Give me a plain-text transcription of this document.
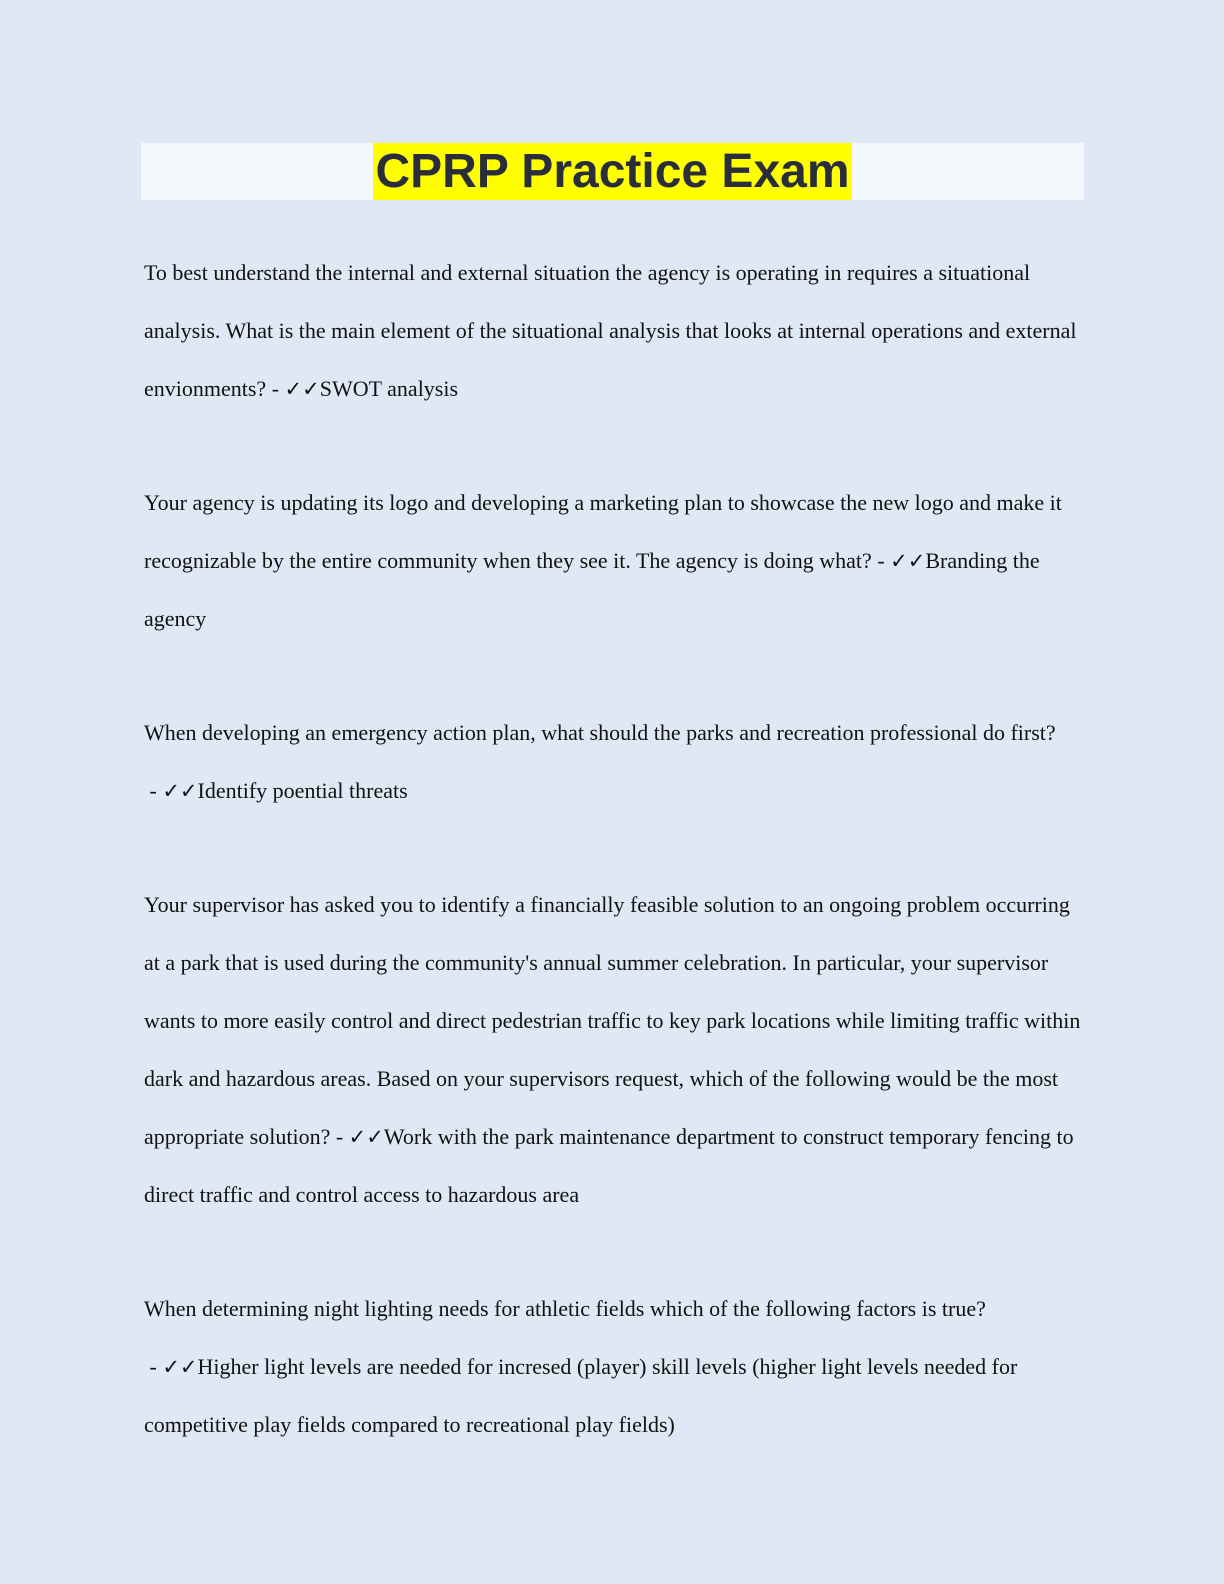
CPRP Practice Exam

To best understand the internal and external situation the agency is operating in requires a situational analysis. What is the main element of the situational analysis that looks at internal operations and external envionments? - ✓✓SWOT analysis

Your agency is updating its logo and developing a marketing plan to showcase the new logo and make it recognizable by the entire community when they see it. The agency is doing what? - ✓✓Branding the agency

When developing an emergency action plan, what should the parks and recreation professional do first? - ✓✓Identify poential threats

Your supervisor has asked you to identify a financially feasible solution to an ongoing problem occurring at a park that is used during the community's annual summer celebration. In particular, your supervisor wants to more easily control and direct pedestrian traffic to key park locations while limiting traffic within dark and hazardous areas. Based on your supervisors request, which of the following would be the most appropriate solution? - ✓✓Work with the park maintenance department to construct temporary fencing to direct traffic and control access to hazardous area

When determining night lighting needs for athletic fields which of the following factors is true? - ✓✓Higher light levels are needed for incresed (player) skill levels (higher light levels needed for competitive play fields compared to recreational play fields)
